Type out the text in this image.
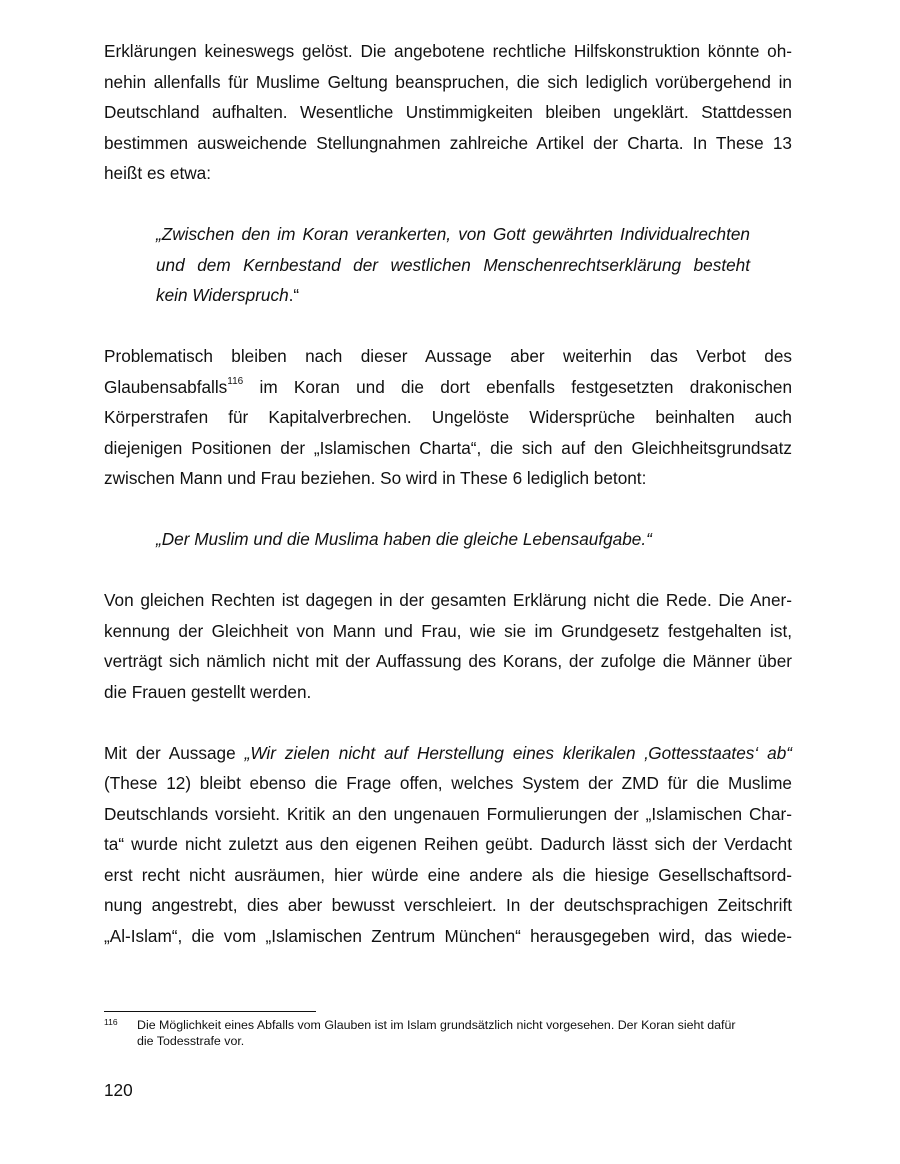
Erklärungen keineswegs gelöst. Die angebotene rechtliche Hilfskonstruktion könnte oh-
nehin allenfalls für Muslime Geltung beanspruchen, die sich lediglich vorübergehend in
Deutschland aufhalten. Wesentliche Unstimmigkeiten bleiben ungeklärt. Stattdessen
bestimmen ausweichende Stellungnahmen zahlreiche Artikel der Charta. In These 13
heißt es etwa:
„Zwischen den im Koran verankerten, von Gott gewährten Individualrechten
und dem Kernbestand der westlichen Menschenrechtserklärung besteht
kein Widerspruch.“
Problematisch bleiben nach dieser Aussage aber weiterhin das Verbot des
Glaubensabfalls$^{116}$ im Koran und die dort ebenfalls festgesetzten drakonischen
Körperstrafen für Kapitalverbrechen. Ungelöste Widersprüche beinhalten auch
diejenigen Positionen der „Islamischen Charta“, die sich auf den Gleichheitsgrundsatz
zwischen Mann und Frau beziehen. So wird in These 6 lediglich betont:
„Der Muslim und die Muslima haben die gleiche Lebensaufgabe.“
Von gleichen Rechten ist dagegen in der gesamten Erklärung nicht die Rede. Die Aner-
kennung der Gleichheit von Mann und Frau, wie sie im Grundgesetz festgehalten ist,
verträgt sich nämlich nicht mit der Auffassung des Korans, der zufolge die Männer über
die Frauen gestellt werden.
Mit der Aussage „Wir zielen nicht auf Herstellung eines klerikalen ‚Gottesstaates‘ ab“
(These 12) bleibt ebenso die Frage offen, welches System der ZMD für die Muslime
Deutschlands vorsieht. Kritik an den ungenauen Formulierungen der „Islamischen Char-
ta“ wurde nicht zuletzt aus den eigenen Reihen geübt. Dadurch lässt sich der Verdacht
erst recht nicht ausräumen, hier würde eine andere als die hiesige Gesellschaftsord-
nung angestrebt, dies aber bewusst verschleiert. In der deutschsprachigen Zeitschrift
„Al-Islam“, die vom „Islamischen Zentrum München“ herausgegeben wird, das wiede-
116 Die Möglichkeit eines Abfalls vom Glauben ist im Islam grundsätzlich nicht vorgesehen. Der Koran sieht dafür
die Todesstrafe vor.
120
